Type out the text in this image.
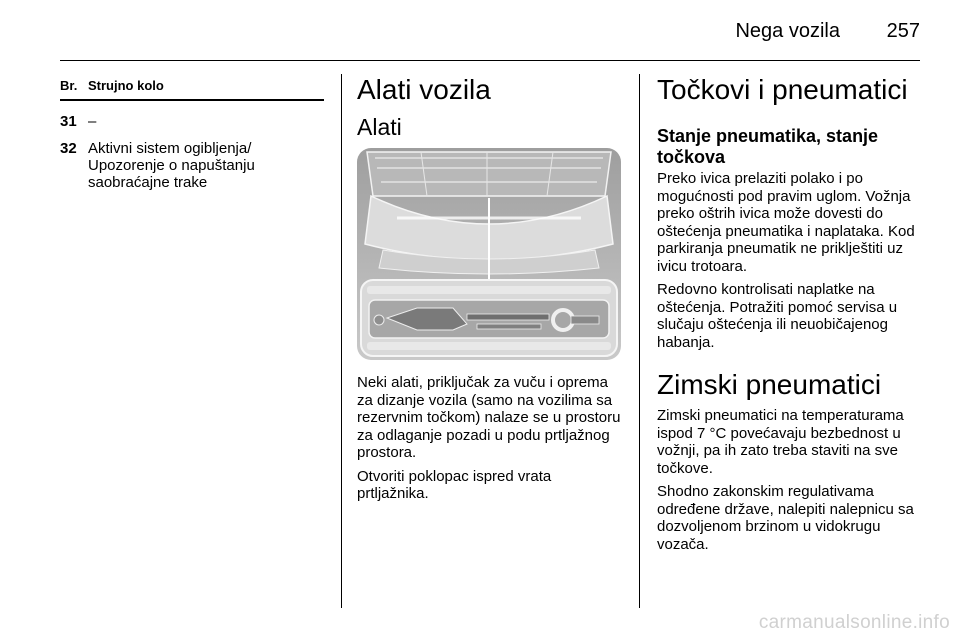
Nega vozila 257
Br. Strujno kolo
31 –
32 Aktivni sistem ogibljenja/ Upozorenje o napuštanju saobraćajne trake
Alati vozila
Alati

Neki alati, priključak za vuču i oprema za dizanje vozila (samo na vozilima sa rezervnim točkom) nalaze se u prostoru za odlaganje pozadi u podu prtljažnog prostora.

Otvoriti poklopac ispred vrata prtljažnika.

Točkovi i pneumatici
Stanje pneumatika, stanje točkova

Preko ivica prelaziti polako i po mogućnosti pod pravim uglom. Vožnja preko oštrih ivica može dovesti do oštećenja pneumatika i naplataka. Kod parkiranja pneumatik ne priklještiti uz ivicu trotoara.

Redovno kontrolisati naplatke na oštećenja. Potražiti pomoć servisa u slučaju oštećenja ili neuobičajenog habanja.

Zimski pneumatici

Zimski pneumatici na temperaturama ispod 7 °C povećavaju bezbednost u vožnji, pa ih zato treba staviti na sve točkove.

Shodno zakonskim regulativama određene države, nalepiti nalepnicu sa dozvoljenom brzinom u vidokrugu vozača.

carmanualsonline.info
